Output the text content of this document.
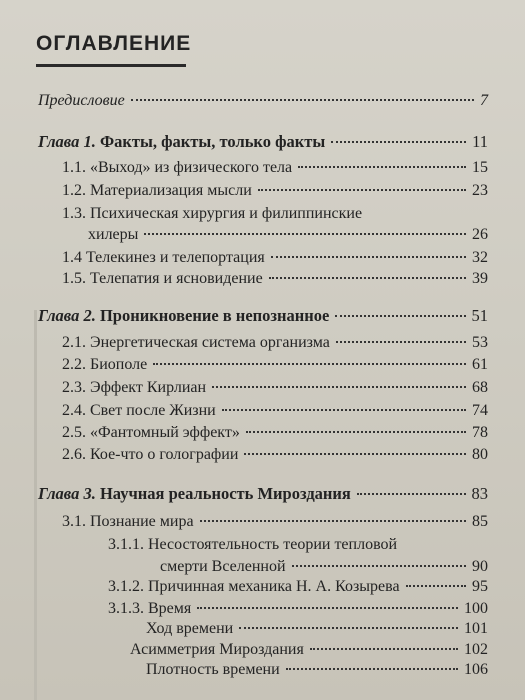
ОГЛАВЛЕНИЕ
Предисловие	7
Глава 1. Факты, факты, только факты	11
1.1. «Выход» из физического тела	15
1.2. Материализация мысли	23
1.3. Психическая хирургия и филиппинские
хилеры	26
1.4 Телекинез и телепортация	32
1.5. Телепатия и ясновидение	39
Глава 2. Проникновение в непознанное	51
2.1. Энергетическая система организма	53
2.2. Биополе	61
2.3. Эффект Кирлиан	68
2.4. Свет после Жизни	74
2.5. «Фантомный эффект»	78
2.6. Кое-что о голографии	80
Глава 3. Научная реальность Мироздания	83
3.1. Познание мира	85
3.1.1. Несостоятельность теории тепловой
смерти Вселенной	90
3.1.2. Причинная механика Н. А. Козырева	95
3.1.3. Время	100
Ход времени	101
Асимметрия Мироздания	102
Плотность времени	106
